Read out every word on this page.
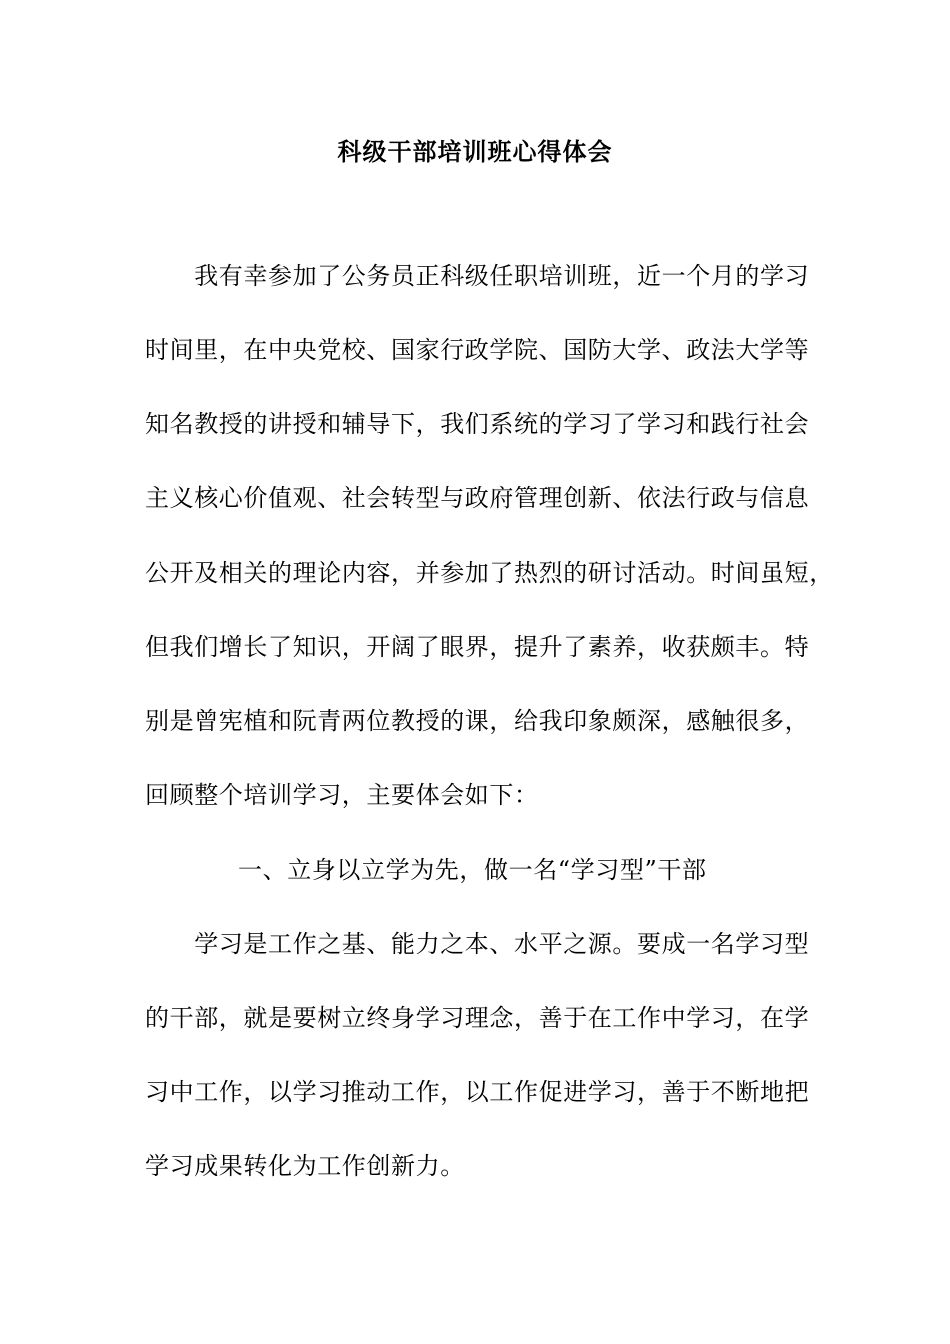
科级干部培训班心得体会
　　我有幸参加了公务员正科级任职培训班，近一个月的学习
时间里，在中央党校、国家行政学院、国防大学、政法大学等
知名教授的讲授和辅导下，我们系统的学习了学习和践行社会
主义核心价值观、社会转型与政府管理创新、依法行政与信息
公开及相关的理论内容，并参加了热烈的研讨活动。时间虽短，
但我们增长了知识，开阔了眼界，提升了素养，收获颇丰。特
别是曾宪植和阮青两位教授的课，给我印象颇深，感触很多，
回顾整个培训学习，主要体会如下：
一、立身以立学为先，做一名“学习型”干部
　　学习是工作之基、能力之本、水平之源。要成一名学习型
的干部，就是要树立终身学习理念，善于在工作中学习，在学
习中工作，以学习推动工作，以工作促进学习，善于不断地把
学习成果转化为工作创新力。
